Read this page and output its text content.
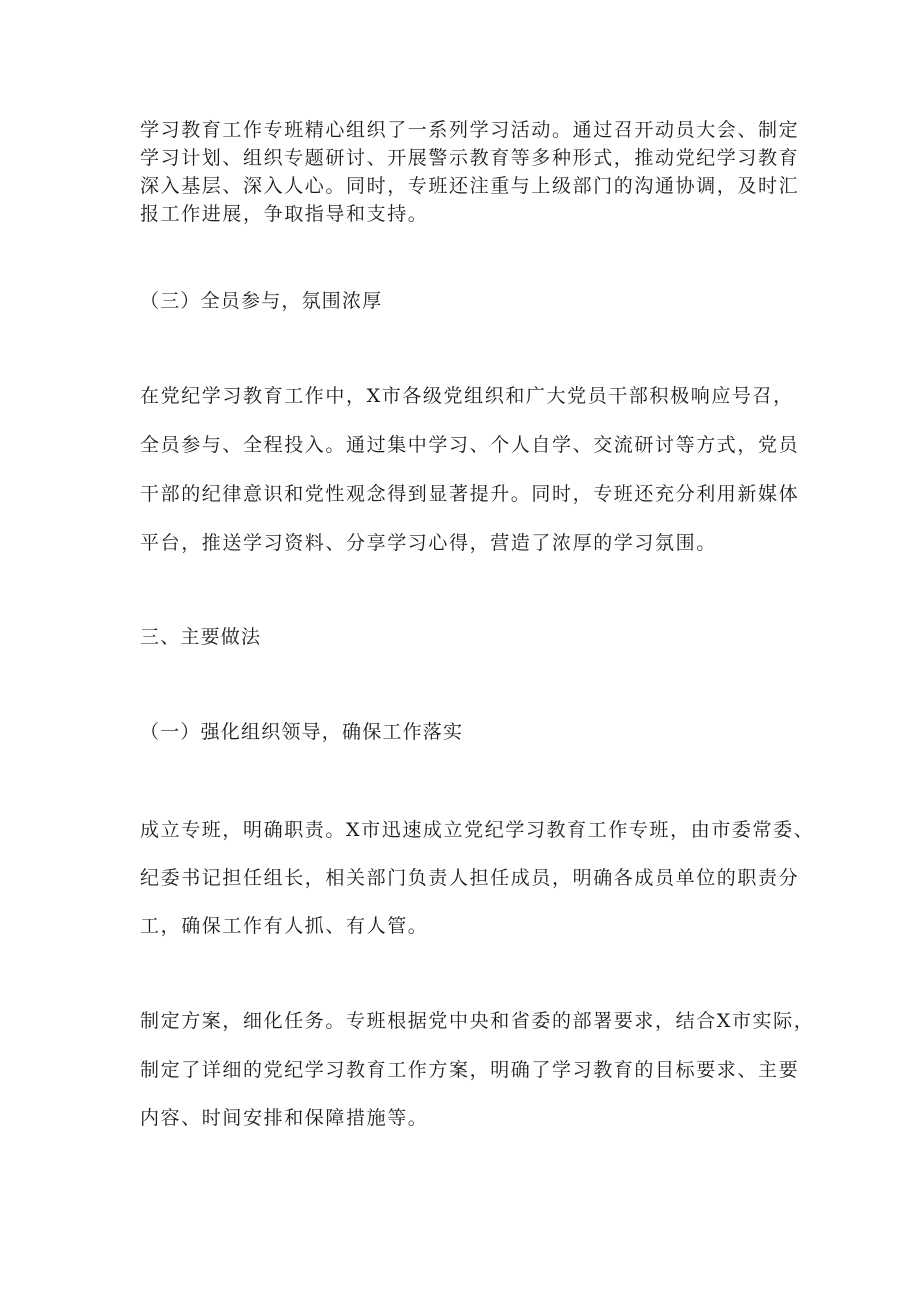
学习教育工作专班精心组织了一系列学习活动。通过召开动员大会、制定
学习计划、组织专题研讨、开展警示教育等多种形式，推动党纪学习教育
深入基层、深入人心。同时，专班还注重与上级部门的沟通协调，及时汇
报工作进展，争取指导和支持。
（三）全员参与，氛围浓厚
在党纪学习教育工作中，X市各级党组织和广大党员干部积极响应号召，
全员参与、全程投入。通过集中学习、个人自学、交流研讨等方式，党员
干部的纪律意识和党性观念得到显著提升。同时，专班还充分利用新媒体
平台，推送学习资料、分享学习心得，营造了浓厚的学习氛围。
三、主要做法
（一）强化组织领导，确保工作落实
成立专班，明确职责。X市迅速成立党纪学习教育工作专班，由市委常委、
纪委书记担任组长，相关部门负责人担任成员，明确各成员单位的职责分
工，确保工作有人抓、有人管。
制定方案，细化任务。专班根据党中央和省委的部署要求，结合X市实际，
制定了详细的党纪学习教育工作方案，明确了学习教育的目标要求、主要
内容、时间安排和保障措施等。
